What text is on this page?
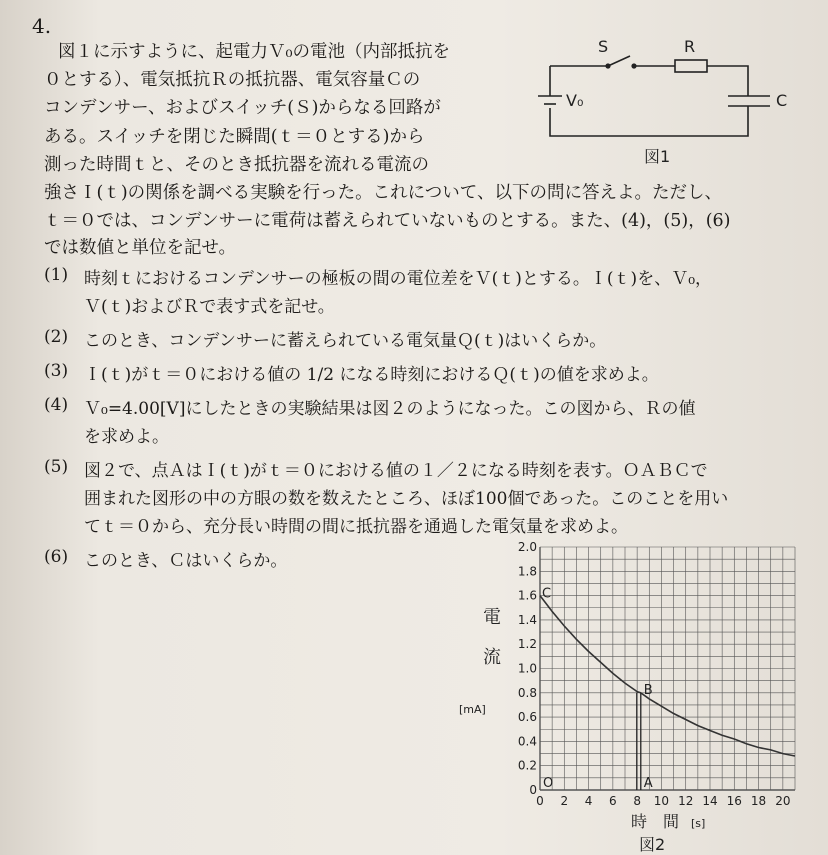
4.
図１に示すように、起電力Ｖ₀の電池（内部抵抗を
０とする）、電気抵抗Ｒの抵抗器、電気容量Ｃの
コンデンサー、およびスイッチ(Ｓ)からなる回路が
ある。スイッチを閉じた瞬間(ｔ＝０とする)から
測った時間ｔと、そのとき抵抗器を流れる電流の
強さＩ(ｔ)の関係を調べる実験を行った。これについて、以下の問に答えよ。ただし、
ｔ＝０では、コンデンサーに電荷は蓄えられていないものとする。また、(4)，(5)，(6)
では数値と単位を記せ。
(1) 時刻ｔにおけるコンデンサーの極板の間の電位差をＶ(ｔ)とする。Ｉ(ｔ)を、Ｖ₀，
Ｖ(ｔ)およびＲで表す式を記せ。
(2) このとき、コンデンサーに蓄えられている電気量Ｑ(ｔ)はいくらか。
(3) Ｉ(ｔ)がｔ＝０における値の 1/2 になる時刻におけるＱ(ｔ)の値を求めよ。
(4) Ｖ₀=4.00[V]にしたときの実験結果は図２のようになった。この図から、Ｒの値
を求めよ。
(5) 図２で、点ＡはＩ(ｔ)がｔ＝０における値の１／２になる時刻を表す。ＯＡＢＣで
囲まれた図形の中の方眼の数を数えたところ、ほぼ100個であった。このことを用い
てｔ＝０から、充分長い時間の間に抵抗器を通過した電気量を求めよ。
(6) このとき、Ｃはいくらか。
S	R
V₀	C
図1
0
0.2
0.4
0.6
0.8
1.0
1.2
1.4
1.6
1.8
2.0
0 2 4 6 8 10 12 14 16 18 20
O	A
B
C
電
流
[mA]
時　間 [s]
図2
